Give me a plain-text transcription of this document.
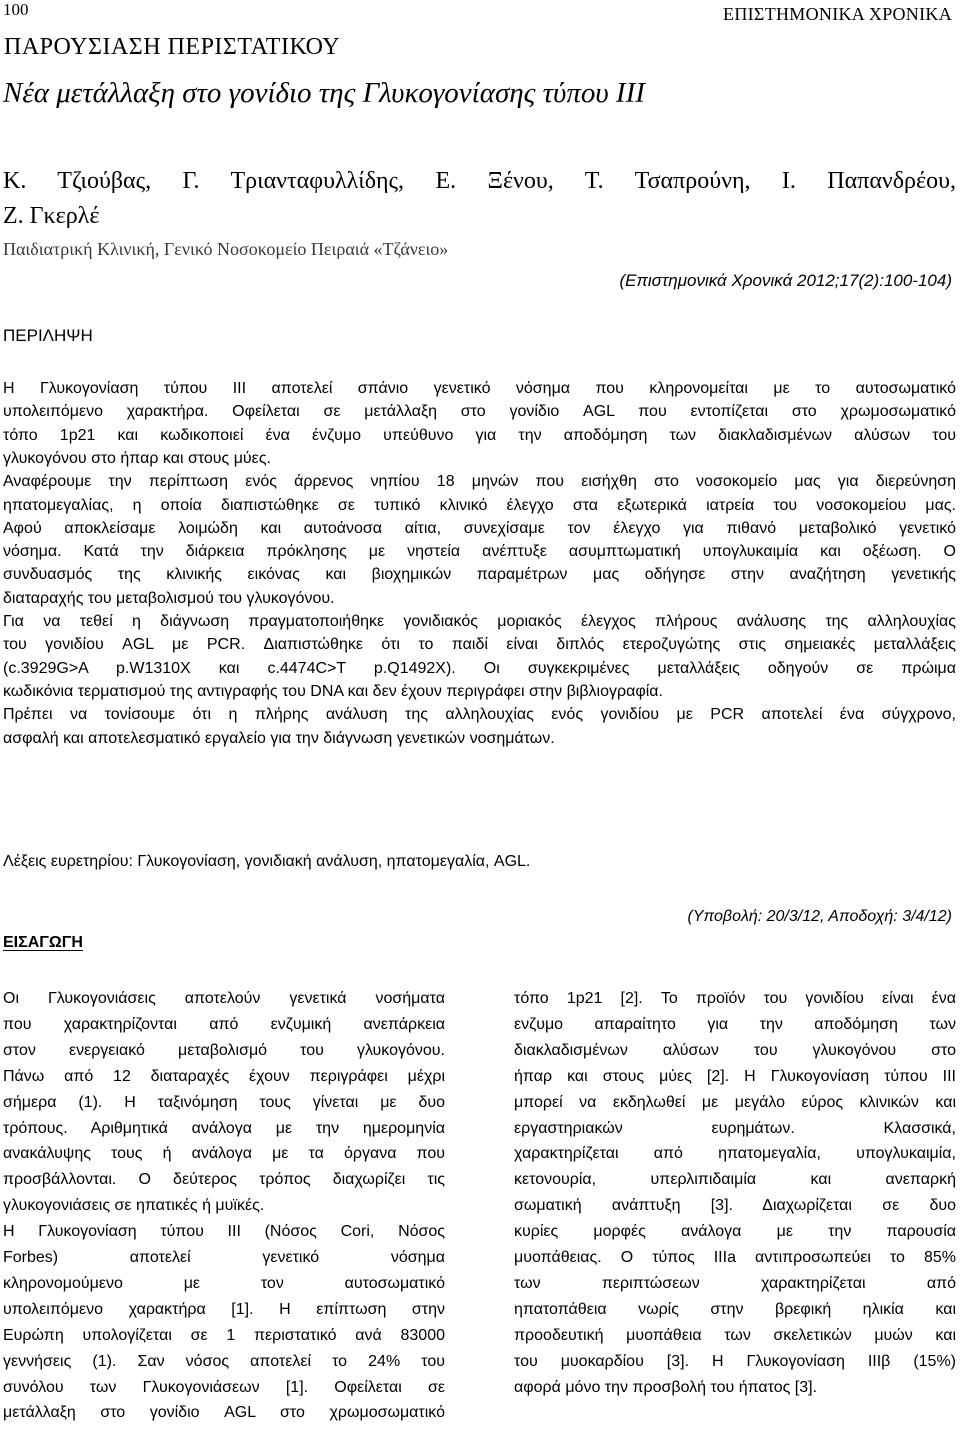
100	ΕΠΙΣΤΗΜΟΝΙΚΑ ΧΡΟΝΙΚΑ
ΠΑΡΟΥΣΙΑΣΗ ΠΕΡΙΣΤΑΤΙΚΟΥ
Νέα μετάλλαξη στο γονίδιο της Γλυκογονίασης τύπου ΙΙΙ
Κ. Τζιούβας, Γ. Τριανταφυλλίδης, Ε. Ξένου, Τ. Τσαπρούνη, Ι. Παπανδρέου,
Ζ. Γκερλέ
Παιδιατρική Κλινική, Γενικό Νοσοκομείο Πειραιά «Τζάνειο»
(Επιστημονικά Χρονικά 2012;17(2):100-104)
ΠΕΡΙΛΗΨΗ
Η Γλυκογονίαση τύπου ΙΙΙ αποτελεί σπάνιο γενετικό νόσημα που κληρονομείται με το αυτοσωματικό
υπολειπόμενο χαρακτήρα. Οφείλεται σε μετάλλαξη στο γονίδιο AGL που εντοπίζεται στο χρωμοσωματικό
τόπο 1p21 και κωδικοποιεί ένα ένζυμο υπεύθυνο για την αποδόμηση των διακλαδισμένων αλύσων του
γλυκογόνου στο ήπαρ και στους μύες.
Αναφέρουμε την περίπτωση ενός άρρενος νηπίου 18 μηνών που εισήχθη στο νοσοκομείο μας για διερεύνηση
ηπατομεγαλίας, η οποία διαπιστώθηκε σε τυπικό κλινικό έλεγχο στα εξωτερικά ιατρεία του νοσοκομείου μας.
Αφού αποκλείσαμε λοιμώδη και αυτοάνοσα αίτια, συνεχίσαμε τον έλεγχο για πιθανό μεταβολικό γενετικό
νόσημα. Κατά την διάρκεια πρόκλησης με νηστεία ανέπτυξε ασυμπτωματική υπογλυκαιμία και οξέωση. Ο
συνδυασμός της κλινικής εικόνας και βιοχημικών παραμέτρων μας οδήγησε στην αναζήτηση γενετικής
διαταραχής του μεταβολισμού του γλυκογόνου.
Για να τεθεί η διάγνωση πραγματοποιήθηκε γονιδιακός μοριακός έλεγχος πλήρους ανάλυσης της αλληλουχίας
του γονιδίου AGL με PCR. Διαπιστώθηκε ότι το παιδί είναι διπλός ετεροζυγώτης στις σημειακές μεταλλάξεις
(c.3929G>A p.W1310X και c.4474C>T p.Q1492X). Οι συγκεκριμένες μεταλλάξεις οδηγούν σε πρώιμα
κωδικόνια τερματισμού της αντιγραφής του DNA και δεν έχουν περιγράφει στην βιβλιογραφία.
Πρέπει να τονίσουμε ότι η πλήρης ανάλυση της αλληλουχίας ενός γονιδίου με PCR αποτελεί ένα σύγχρονο,
ασφαλή και αποτελεσματικό εργαλείο για την διάγνωση γενετικών νοσημάτων.
Λέξεις ευρετηρίου: Γλυκογονίαση, γονιδιακή ανάλυση, ηπατομεγαλία, AGL.
(Υποβολή: 20/3/12, Αποδοχή: 3/4/12)
ΕΙΣΑΓΩΓΗ
Οι Γλυκογονιάσεις αποτελούν γενετικά νοσήματα
που χαρακτηρίζονται από ενζυμική ανεπάρκεια
στον ενεργειακό μεταβολισμό του γλυκογόνου.
Πάνω από 12 διαταραχές έχουν περιγράφει μέχρι
σήμερα (1). Η ταξινόμηση τους γίνεται με δυο
τρόπους. Αριθμητικά ανάλογα με την ημερομηνία
ανακάλυψης τους ή ανάλογα με τα όργανα που
προσβάλλονται. Ο δεύτερος τρόπος διαχωρίζει τις
γλυκογονιάσεις σε ηπατικές ή μυϊκές.
Η Γλυκογονίαση τύπου ΙΙΙ (Νόσος Cori, Νόσος
Forbes) αποτελεί γενετικό νόσημα
κληρονομούμενο με τον αυτοσωματικό
υπολειπόμενο χαρακτήρα [1]. Η επίπτωση στην
Ευρώπη υπολογίζεται σε 1 περιστατικό ανά 83000
γεννήσεις (1). Σαν νόσος αποτελεί το 24% του
συνόλου των Γλυκογονιάσεων [1]. Οφείλεται σε
μετάλλαξη στο γονίδιο AGL στο χρωμοσωματικό
τόπο 1p21 [2]. Το προϊόν του γονιδίου είναι ένα
ενζυμο απαραίτητο για την αποδόμηση των
διακλαδισμένων αλύσων του γλυκογόνου στο
ήπαρ και στους μύες [2]. Η Γλυκογονίαση τύπου ΙΙΙ
μπορεί να εκδηλωθεί με μεγάλο εύρος κλινικών και
εργαστηριακών ευρημάτων. Κλασσικά,
χαρακτηρίζεται από ηπατομεγαλία, υπογλυκαιμία,
κετονουρία, υπερλιπιδαιμία και ανεπαρκή
σωματική ανάπτυξη [3]. Διαχωρίζεται σε δυο
κυρίες μορφές ανάλογα με την παρουσία
μυοπάθειας. Ο τύπος ΙΙΙa αντιπροσωπεύει το 85%
των περιπτώσεων χαρακτηρίζεται από
ηπατοπάθεια νωρίς στην βρεφική ηλικία και
προοδευτική μυοπάθεια των σκελετικών μυών και
του μυοκαρδίου [3]. Η Γλυκογονίαση ΙΙΙβ (15%)
αφορά μόνο την προσβολή του ήπατος [3].
